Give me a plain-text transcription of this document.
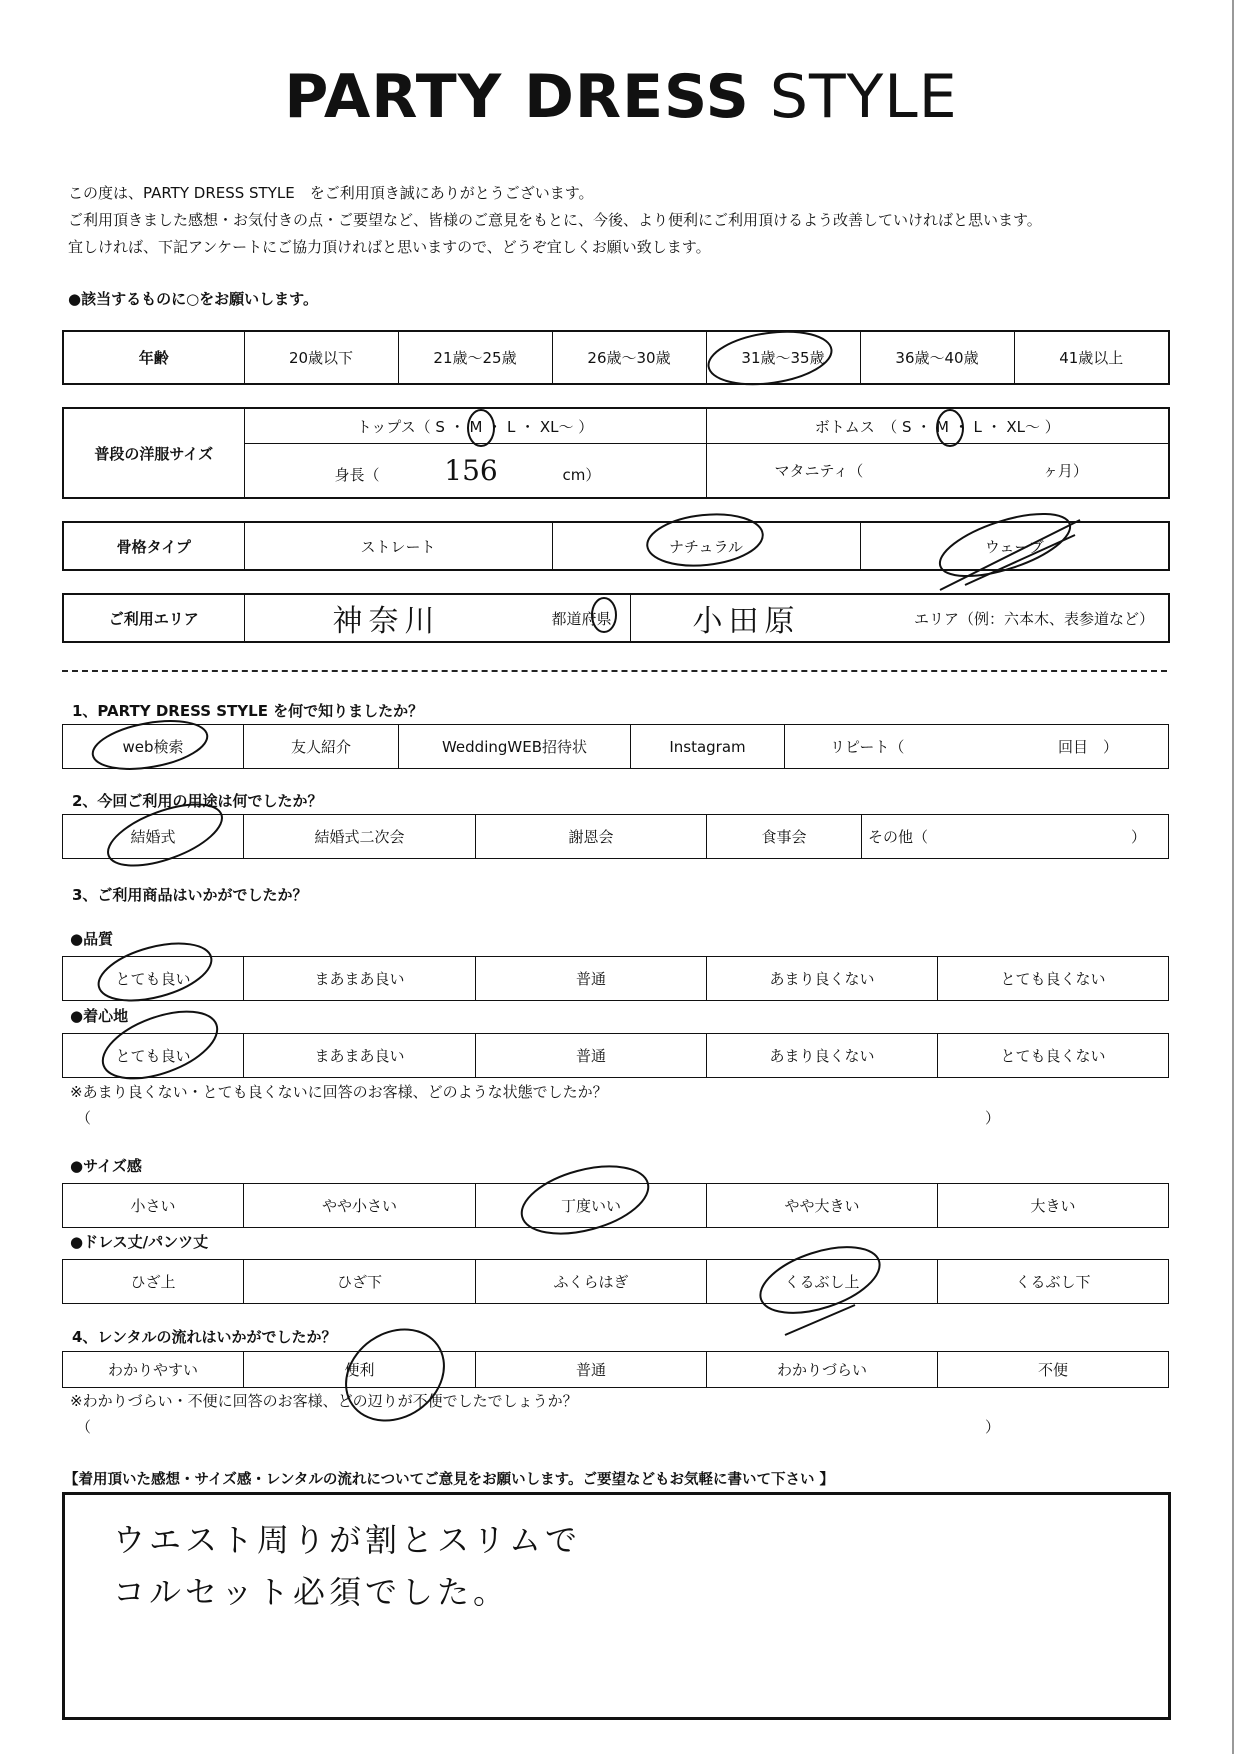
PARTY DRESS STYLE
この度は、PARTY DRESS STYLE　をご利用頂き誠にありがとうございます。
ご利用頂きました感想・お気付きの点・ご要望など、皆様のご意見をもとに、今後、より便利にご利用頂けるよう改善していければと思います。
宜しければ、下記アンケートにご協力頂ければと思いますので、どうぞ宜しくお願い致します。
●該当するものに○をお願いします。
年齢	20歳以下	21歳〜25歳	26歳〜30歳	31歳〜35歳	36歳〜40歳	41歳以上
普段の洋服サイズ	トップス（ S ・ M ・ L ・ XL〜 ）	ボトムス　（ S ・ M ・ L ・ XL〜 ）
	身長（ 156 cm）	マタニティ（ ヶ月）
骨格タイプ	ストレート	ナチュラル	ウェーブ
ご利用エリア	神奈川	都道府県	小田原	エリア（例：六本木、表参道など）
1、PARTY DRESS STYLE を何で知りましたか？
web検索	友人紹介	WeddingWEB招待状	Instagram	リピート（	回目　）
2、今回ご利用の用途は何でしたか？
結婚式	結婚式二次会	謝恩会	食事会	その他（	）
3、ご利用商品はいかがでしたか？
●品質
とても良い	まあまあ良い	普通	あまり良くない	とても良くない
●着心地
とても良い	まあまあ良い	普通	あまり良くない	とても良くない
※あまり良くない・とても良くないに回答のお客様、どのような状態でしたか？
（	）
●サイズ感
小さい	やや小さい	丁度いい	やや大きい	大きい
●ドレス丈/パンツ丈
ひざ上	ひざ下	ふくらはぎ	くるぶし上	くるぶし下
4、レンタルの流れはいかがでしたか？
わかりやすい	便利	普通	わかりづらい	不便
※わかりづらい・不便に回答のお客様、どの辺りが不便でしたでしょうか？
（	）
【着用頂いた感想・サイズ感・レンタルの流れについてご意見をお願いします。ご要望などもお気軽に書いて下さい 】
ウエスト周りが割とスリムで
コルセット必須でした。
